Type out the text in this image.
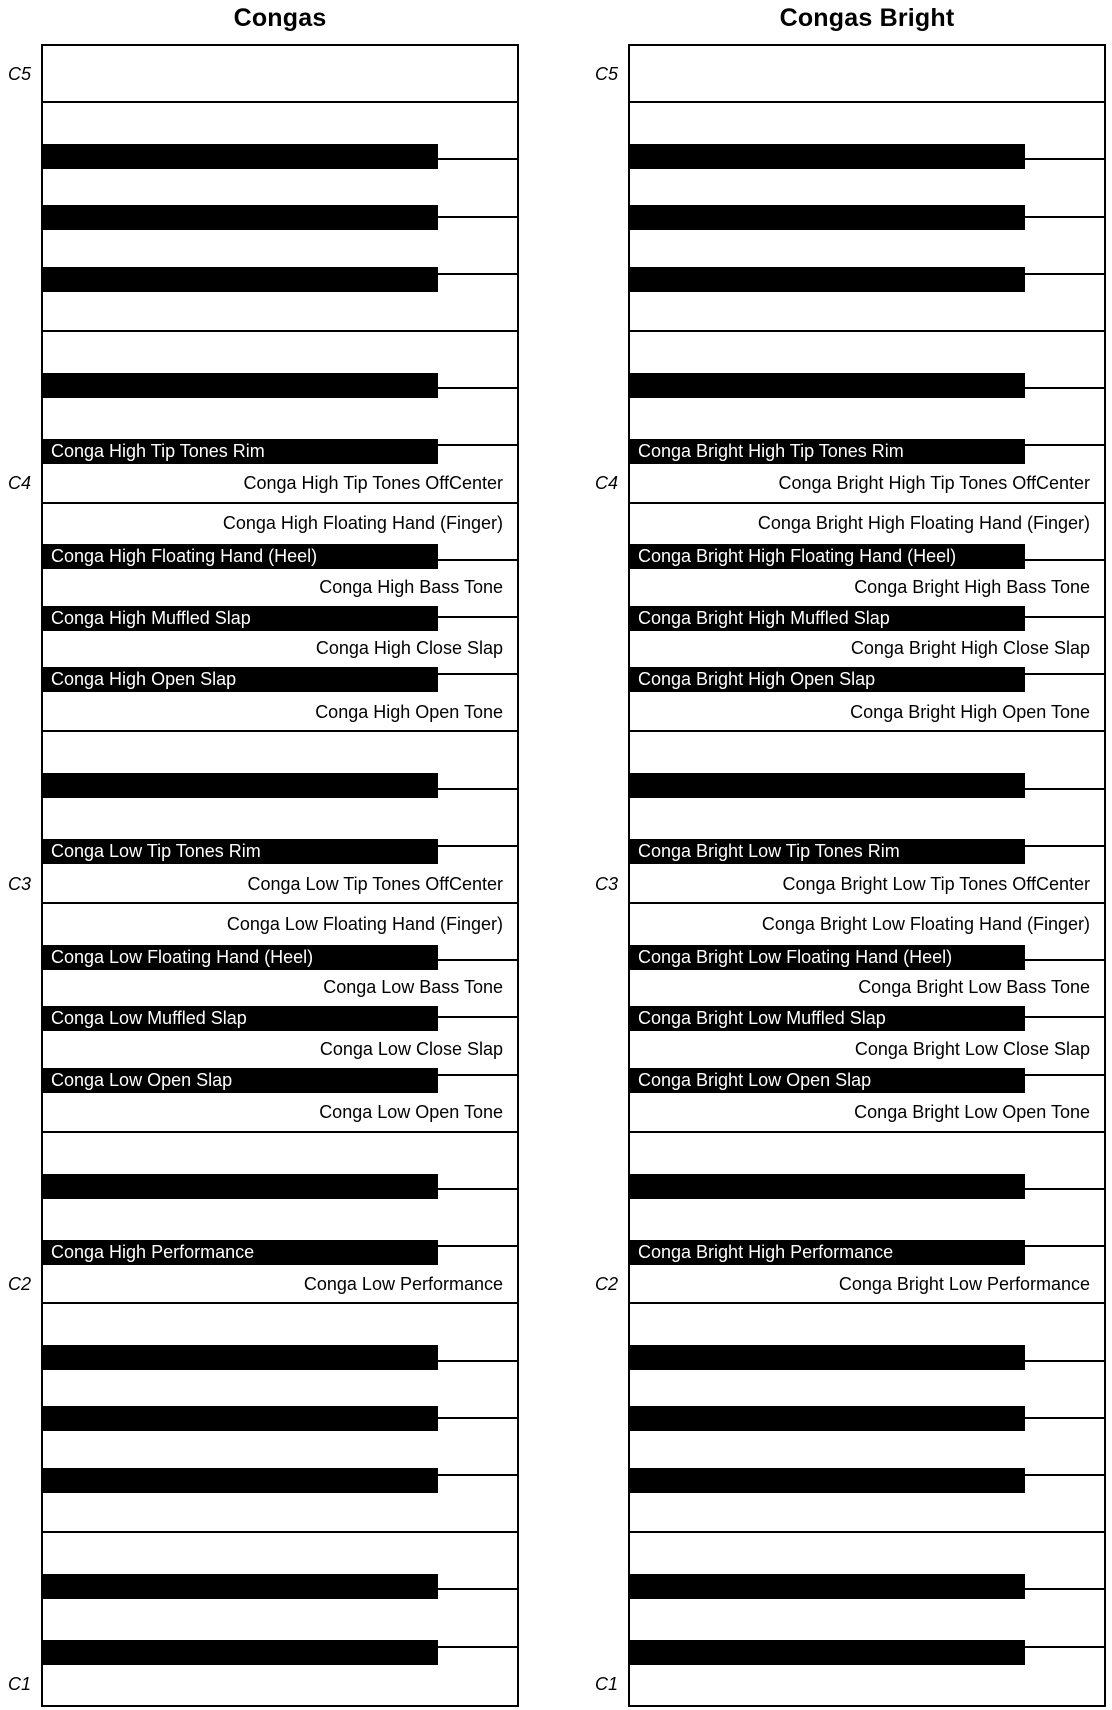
Congas
Conga High Tip Tones Rim
Conga High Floating Hand (Heel)
Conga High Muffled Slap
Conga High Open Slap
Conga Low Tip Tones Rim
Conga Low Floating Hand (Heel)
Conga Low Muffled Slap
Conga Low Open Slap
Conga High Performance
Conga High Tip Tones OffCenter
Conga High Floating Hand (Finger)
Conga High Bass Tone
Conga High Close Slap
Conga High Open Tone
Conga Low Tip Tones OffCenter
Conga Low Floating Hand (Finger)
Conga Low Bass Tone
Conga Low Close Slap
Conga Low Open Tone
Conga Low Performance
Congas Bright
Conga Bright High Tip Tones Rim
Conga Bright High Floating Hand (Heel)
Conga Bright High Muffled Slap
Conga Bright High Open Slap
Conga Bright Low Tip Tones Rim
Conga Bright Low Floating Hand (Heel)
Conga Bright Low Muffled Slap
Conga Bright Low Open Slap
Conga Bright High Performance
Conga Bright High Tip Tones OffCenter
Conga Bright High Floating Hand (Finger)
Conga Bright High Bass Tone
Conga Bright High Close Slap
Conga Bright High Open Tone
Conga Bright Low Tip Tones OffCenter
Conga Bright Low Floating Hand (Finger)
Conga Bright Low Bass Tone
Conga Bright Low Close Slap
Conga Bright Low Open Tone
Conga Bright Low Performance
C5
C4
C3
C2
C1
C5
C4
C3
C2
C1
